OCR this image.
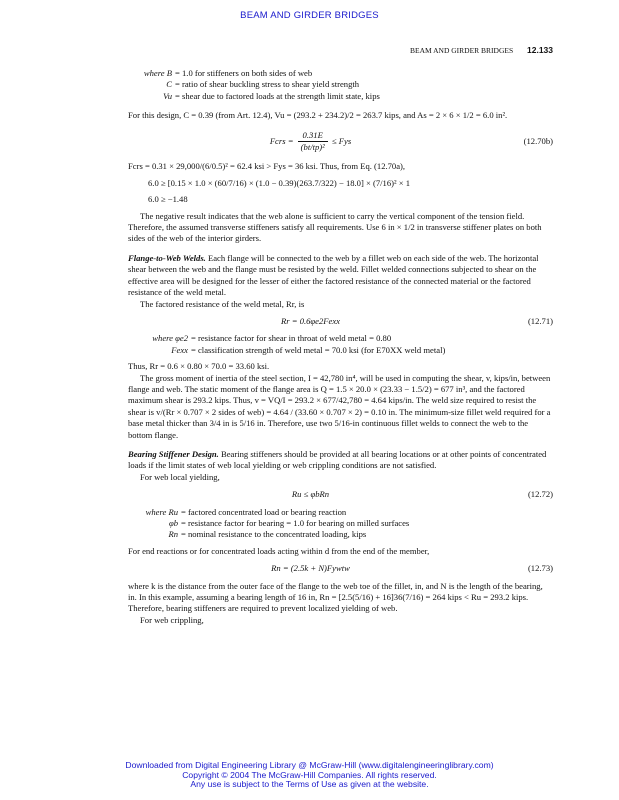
BEAM AND GIRDER BRIDGES
BEAM AND GIRDER BRIDGES 12.133
where B = 1.0 for stiffeners on both sides of web
C = ratio of shear buckling stress to shear yield strength
Vu = shear due to factored loads at the strength limit state, kips

For this design, C = 0.39 (from Art. 12.4), Vu = (293.2 + 234.2)/2 = 263.7 kips, and As = 2 × 6 × 1/2 = 6.0 in².

Fcrs = $\frac{0.31E}{\text{(bt/tp)²}}$ ≤ Fys	(12.70b)

Fcrs = 0.31 × 29,000/(6/0.5)² = 62.4 ksi > Fys = 36 ksi. Thus, from Eq. (12.70a),

6.0 ≥ [0.15 × 1.0 × (60/7/16) × (1.0 − 0.39)(263.7/322) − 18.0] × (7/16)² × 1

6.0 ≥ −1.48

The negative result indicates that the web alone is sufficient to carry the vertical component of the tension field. Therefore, the assumed transverse stiffeners satisfy all requirements. Use 6 in × 1/2 in transverse stiffener plates on both sides of the web of the interior girders.

Flange-to-Web Welds. Each flange will be connected to the web by a fillet web on each side of the web. The horizontal shear between the web and the flange must be resisted by the weld. Fillet welded connections subjected to shear on the effective area will be designed for the lesser of either the factored resistance of the connected material or the factored resistance of the weld metal.

The factored resistance of the weld metal, Rr, is

Rr = 0.6φe2Fexx	(12.71)
where φe2 = resistance factor for shear in throat of weld metal = 0.80
Fexx = classification strength of weld metal = 70.0 ksi (for E70XX weld metal)

Thus, Rr = 0.6 × 0.80 × 70.0 = 33.60 ksi.

The gross moment of inertia of the steel section, I = 42,780 in⁴, will be used in computing the shear, v, kips/in, between flange and web. The static moment of the flange area is Q = 1.5 × 20.0 × (23.33 − 1.5/2) = 677 in³, and the factored maximum shear is 293.2 kips. Thus, v = VQ/I = 293.2 × 677/42,780 = 4.64 kips/in. The weld size required to resist the shear is v/(Rr × 0.707 × 2 sides of web) = 4.64 / (33.60 × 0.707 × 2) = 0.10 in. The minimum-size fillet weld required for a base metal thicker than 3/4 in is 5/16 in. Therefore, use two 5/16-in continuous fillet welds to connect the web to the bottom flange.

Bearing Stiffener Design. Bearing stiffeners should be provided at all bearing locations or at other points of concentrated loads if the limit states of web local yielding or web crippling conditions are not satisfied.

For web local yielding,

Ru ≤ φbRn	(12.72)
where Ru = factored concentrated load or bearing reaction
φb = resistance factor for bearing = 1.0 for bearing on milled surfaces
Rn = nominal resistance to the concentrated loading, kips

For end reactions or for concentrated loads acting within d from the end of the member,

Rn = (2.5k + N)Fywtw	(12.73)

where k is the distance from the outer face of the flange to the web toe of the fillet, in, and N is the length of the bearing, in. In this example, assuming a bearing length of 16 in, Rn = [2.5(5/16) + 16]36(7/16) = 264 kips < Ru = 293.2 kips. Therefore, bearing stiffeners are required to prevent localized yielding of web.

For web crippling,

Downloaded from Digital Engineering Library @ McGraw-Hill (www.digitalengineeringlibrary.com)
Copyright © 2004 The McGraw-Hill Companies. All rights reserved.
Any use is subject to the Terms of Use as given at the website.
